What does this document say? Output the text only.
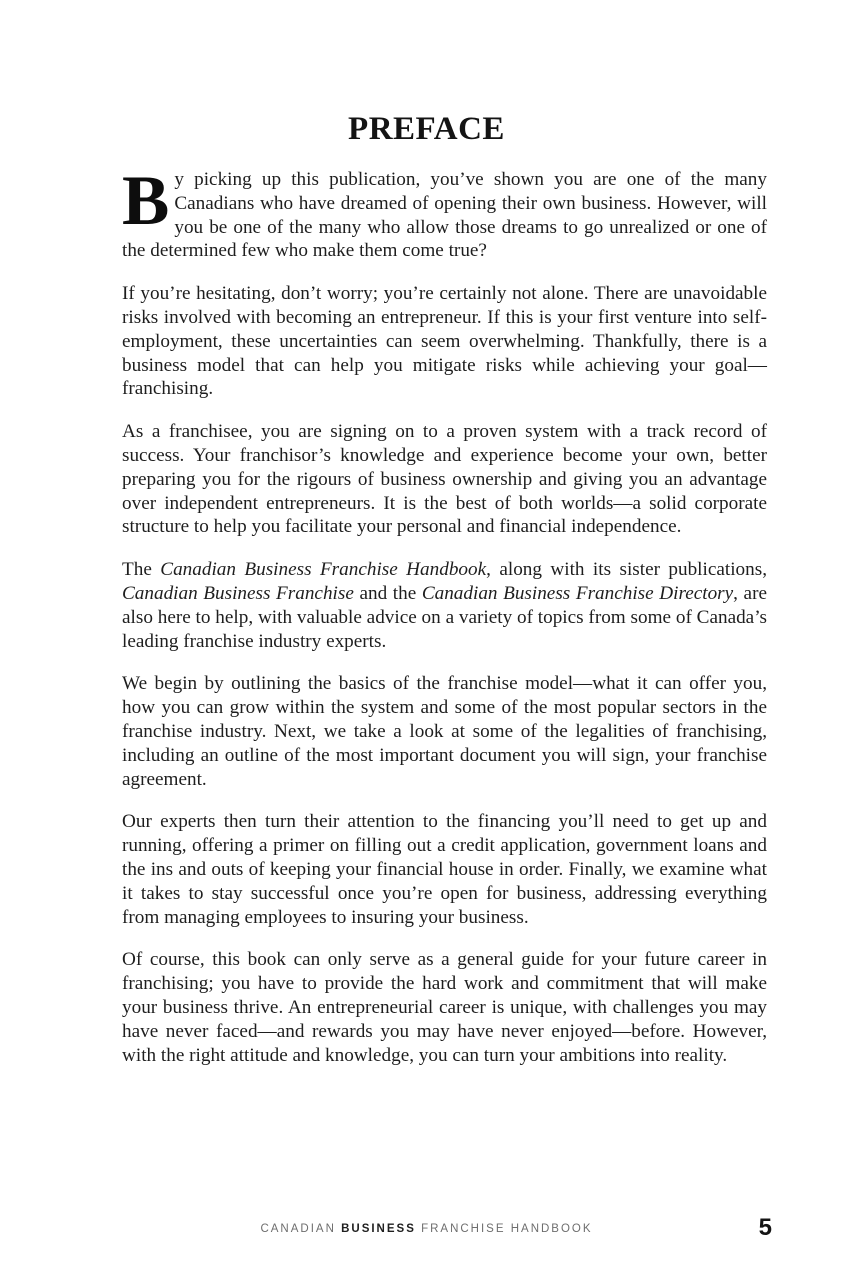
PREFACE

By picking up this publication, you’ve shown you are one of the many Canadians who have dreamed of opening their own business. However, will you be one of the many who allow those dreams to go unrealized or one of the determined few who make them come true?

If you’re hesitating, don’t worry; you’re certainly not alone. There are unavoidable risks involved with becoming an entrepreneur. If this is your first venture into self-employment, these uncertainties can seem overwhelming. Thankfully, there is a business model that can help you mitigate risks while achieving your goal—franchising.

As a franchisee, you are signing on to a proven system with a track record of success. Your franchisor’s knowledge and experience become your own, better preparing you for the rigours of business ownership and giving you an advantage over independent entrepreneurs. It is the best of both worlds—a solid corporate structure to help you facilitate your personal and financial independence.

The Canadian Business Franchise Handbook, along with its sister publications, Canadian Business Franchise and the Canadian Business Franchise Directory, are also here to help, with valuable advice on a variety of topics from some of Canada’s leading franchise industry experts.

We begin by outlining the basics of the franchise model—what it can offer you, how you can grow within the system and some of the most popular sectors in the franchise industry. Next, we take a look at some of the legalities of franchising, including an outline of the most important document you will sign, your franchise agreement.

Our experts then turn their attention to the financing you’ll need to get up and running, offering a primer on filling out a credit application, government loans and the ins and outs of keeping your financial house in order. Finally, we examine what it takes to stay successful once you’re open for business, addressing everything from managing employees to insuring your business.

Of course, this book can only serve as a general guide for your future career in franchising; you have to provide the hard work and commitment that will make your business thrive. An entrepreneurial career is unique, with challenges you may have never faced—and rewards you may have never enjoyed—before. However, with the right attitude and knowledge, you can turn your ambitions into reality.

CANADIAN BUSINESS FRANCHISE HANDBOOK	5
